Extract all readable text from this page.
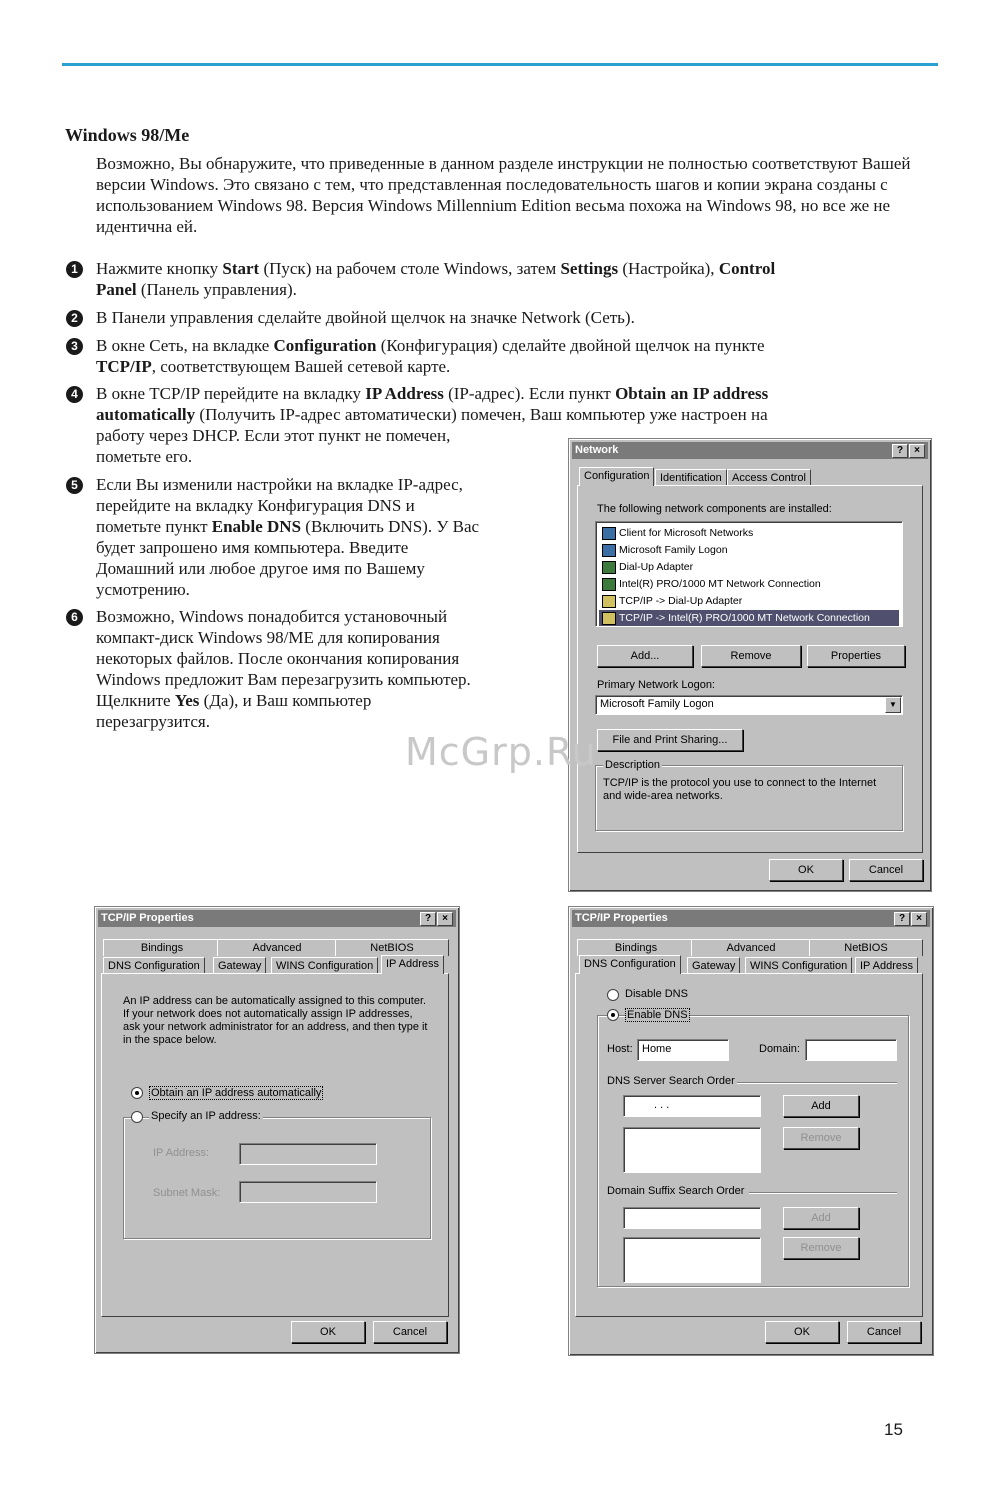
Windows 98/Me
Возможно, Вы обнаружите, что приведенные в данном разделе инструкции не полностью соответствуют Вашей версии Windows. Это связано с тем, что представленная последовательность шагов и копии экрана созданы с использованием Windows 98. Версия Windows Millennium Edition весьма похожа на Windows 98, но все же не идентична ей.
1	Нажмите кнопку Start (Пуск) на рабочем столе Windows, затем Settings (Настройка), Control
Panel (Панель управления).
2	В Панели управления сделайте двойной щелчок на значке Network (Сеть).
3	В окне Сеть, на вкладке Configuration (Конфигурация) сделайте двойной щелчок на пункте
TCP/IP, соответствующем Вашей сетевой карте.
4	В окне TCP/IP перейдите на вкладку IP Address (IP-адрес). Если пункт Obtain an IP address
automatically (Получить IP-адрес автоматически) помечен, Ваш компьютер уже настроен на
работу через DHCP. Если этот пункт не помечен,
пометьте его.
5	Если Вы изменили настройки на вкладке IP-адрес,
перейдите на вкладку Конфигурация DNS и
пометьте пункт Enable DNS (Включить DNS). У Вас
будет запрошено имя компьютера. Введите
Домашний или любое другое имя по Вашему
усмотрению.
6	Возможно, Windows понадобится установочный
компакт-диск Windows 98/ME для копирования
некоторых файлов. После окончания копирования
Windows предложит Вам перезагрузить компьютер.
Щелкните Yes (Да), и Ваш компьютер
перезагрузится.
Network	?	×
Configuration Identification Access Control
The following network components are installed:
Client for Microsoft Networks
Microsoft Family Logon
Dial-Up Adapter
Intel(R) PRO/1000 MT Network Connection
TCP/IP -> Dial-Up Adapter
TCP/IP -> Intel(R) PRO/1000 MT Network Connection
Add...	Remove	Properties
Primary Network Logon:
Microsoft Family Logon	▼
File and Print Sharing...
Description
TCP/IP is the protocol you use to connect to the Internet and wide-area networks.
OK	Cancel
TCP/IP Properties	?	×
Bindings	Advanced	NetBIOS
DNS Configuration	Gateway	WINS Configuration	IP Address
An IP address can be automatically assigned to this computer. If your network does not automatically assign IP addresses, ask your network administrator for an address, and then type it in the space below.
Obtain an IP address automatically
Specify an IP address:
IP Address:
Subnet Mask:
OK	Cancel
TCP/IP Properties	?	×
Bindings	Advanced	NetBIOS
DNS Configuration	Gateway	WINS Configuration	IP Address
Disable DNS
Enable DNS
Host: Home	Domain:
DNS Server Search Order
. . .	Add
Remove
Domain Suffix Search Order
Add
Remove
OK	Cancel
McGrp.Ru
15
